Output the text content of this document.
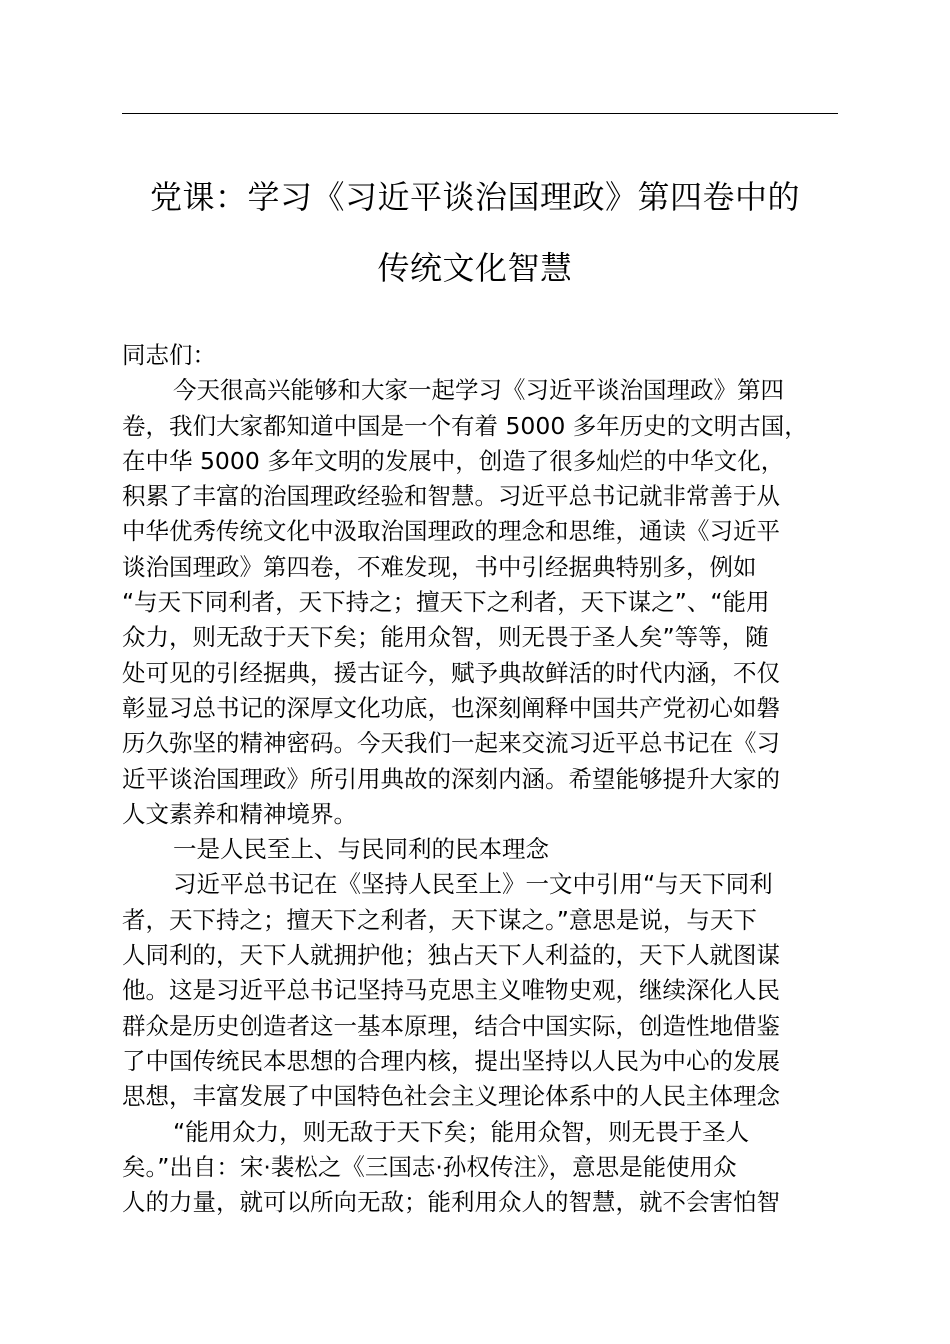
党课：学习《习近平谈治国理政》第四卷中的
传统文化智慧
同志们：
今天很高兴能够和大家一起学习《习近平谈治国理政》第四
卷，我们大家都知道中国是一个有着 5000 多年历史的文明古国，
在中华 5000 多年文明的发展中，创造了很多灿烂的中华文化，
积累了丰富的治国理政经验和智慧。习近平总书记就非常善于从
中华优秀传统文化中汲取治国理政的理念和思维，通读《习近平
谈治国理政》第四卷，不难发现，书中引经据典特别多，例如
“与天下同利者，天下持之；擅天下之利者，天下谋之”、“能用
众力，则无敌于天下矣；能用众智，则无畏于圣人矣”等等，随
处可见的引经据典，援古证今，赋予典故鲜活的时代内涵，不仅
彰显习总书记的深厚文化功底，也深刻阐释中国共产党初心如磐
历久弥坚的精神密码。今天我们一起来交流习近平总书记在《习
近平谈治国理政》所引用典故的深刻内涵。希望能够提升大家的
人文素养和精神境界。
一是人民至上、与民同利的民本理念
习近平总书记在《坚持人民至上》一文中引用“与天下同利
者，天下持之；擅天下之利者，天下谋之。”意思是说，与天下
人同利的，天下人就拥护他；独占天下人利益的，天下人就图谋
他。这是习近平总书记坚持马克思主义唯物史观，继续深化人民
群众是历史创造者这一基本原理，结合中国实际，创造性地借鉴
了中国传统民本思想的合理内核，提出坚持以人民为中心的发展
思想，丰富发展了中国特色社会主义理论体系中的人民主体理念
“能用众力，则无敌于天下矣；能用众智，则无畏于圣人
矣。”出自：宋·裴松之《三国志·孙权传注》，意思是能使用众
人的力量，就可以所向无敌；能利用众人的智慧，就不会害怕智
